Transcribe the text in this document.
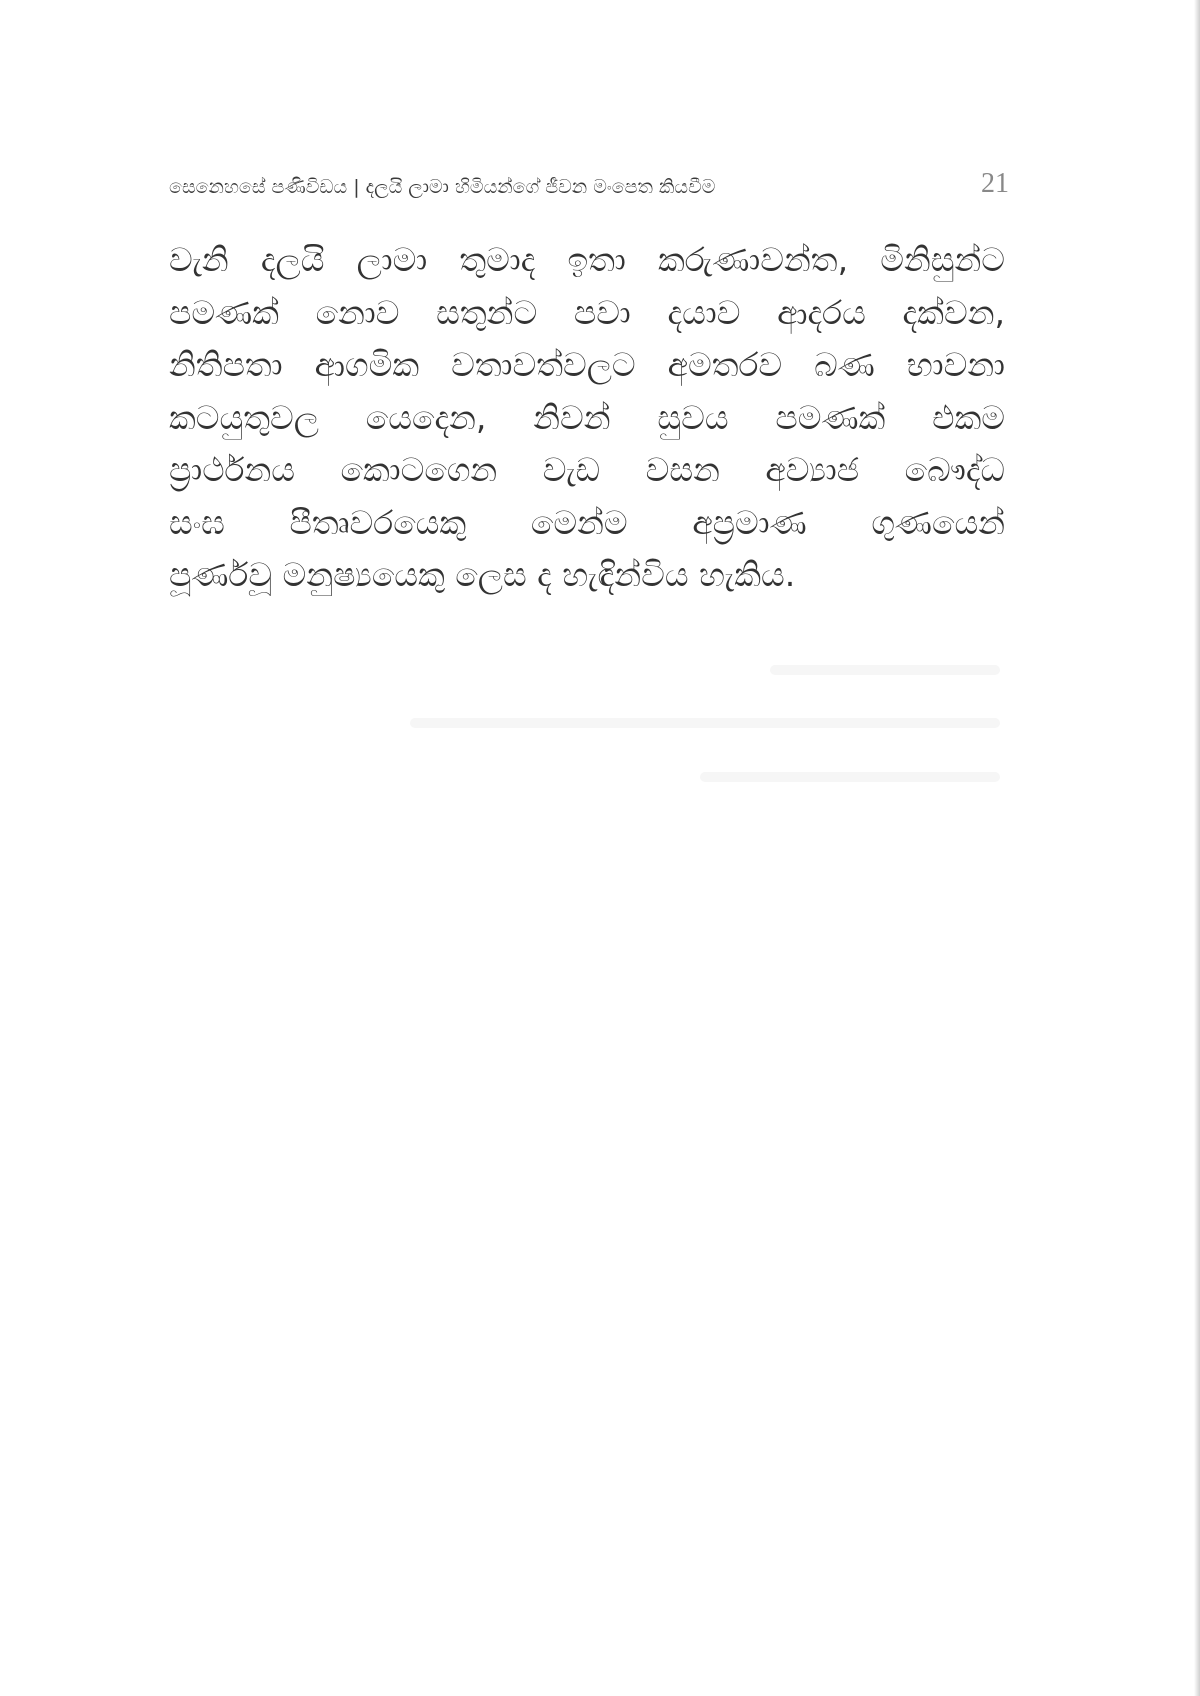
සෙනෙහසේ පණිවිඩය | දලයි ලාමා හිමියන්ගේ ජීවන මංපෙත කියවීම	21
වැනි දලයි ලාමා තුමාද ඉතා කරුණාවන්ත, මිනිසුන්ට
පමණක් නොව සතුන්ට පවා දයාව ආදරය දක්වන,
නිතිපතා ආගමික වතාවත්වලට අමතරව බණ භාවනා
කටයුතුවල යෙදෙන, නිවන් සුවය පමණක් එකම
ප්‍රාර්ථනය කොටගෙන වැඩ වසන අව්‍යාජ බෞද්ධ
සංඝ පීතෘවරයෙකු මෙන්ම අප්‍රමාණ ගුණයෙන්
පූර්ණවූ මනුෂ්‍යයෙකු ලෙස ද හැඳින්විය හැකිය.
